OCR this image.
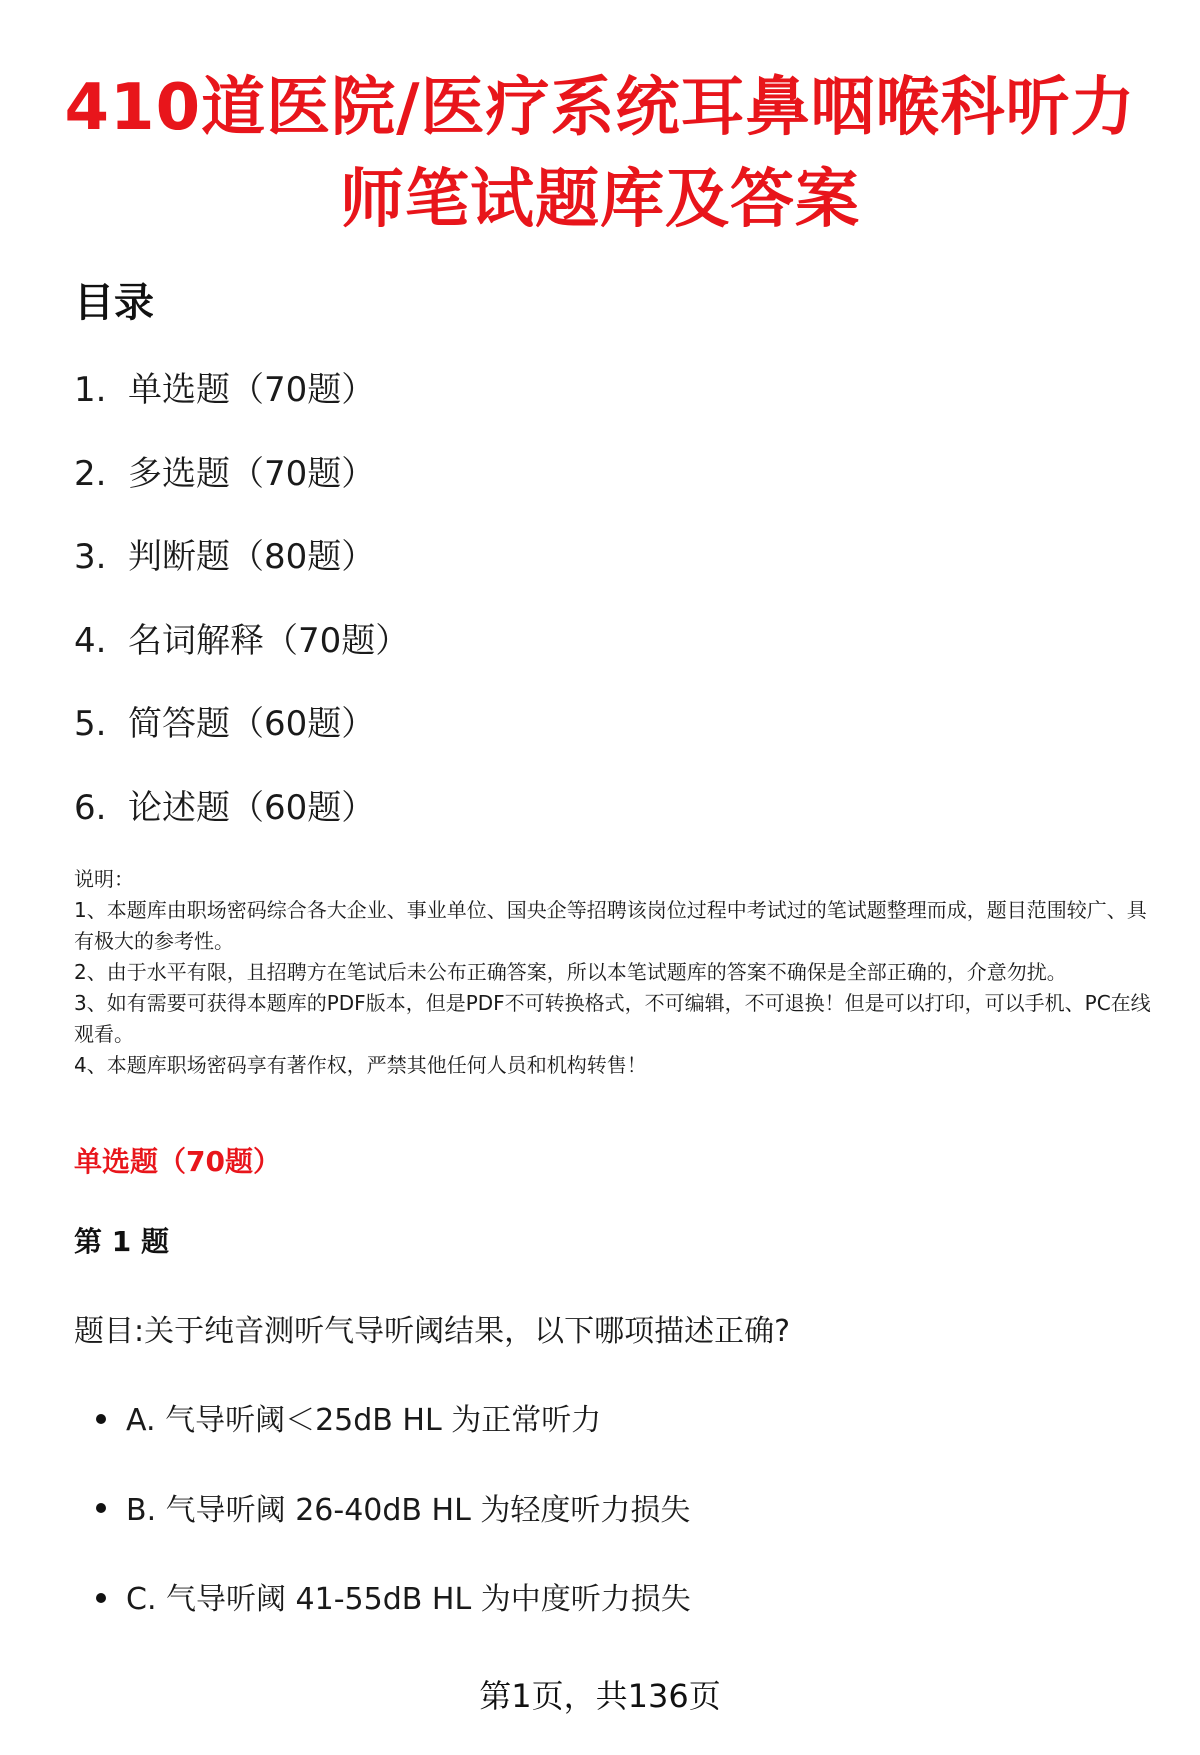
410道医院/医疗系统耳鼻咽喉科听力师笔试题库及答案
目录
1. 单选题（70题）
2. 多选题（70题）
3. 判断题（80题）
4. 名词解释（70题）
5. 简答题（60题）
6. 论述题（60题）

说明：

1、本题库由职场密码综合各大企业、事业单位、国央企等招聘该岗位过程中考试过的笔试题整理而成，题目范围较广、具有极大的参考性。

2、由于水平有限，且招聘方在笔试后未公布正确答案，所以本笔试题库的答案不确保是全部正确的，介意勿扰。

3、如有需要可获得本题库的PDF版本，但是PDF不可转换格式，不可编辑，不可退换！但是可以打印，可以手机、PC在线观看。

4、本题库职场密码享有著作权，严禁其他任何人员和机构转售！

单选题（70题）
第 1 题

题目:关于纯音测听气导听阈结果，以下哪项描述正确?

A. 气导听阈＜25dB HL 为正常听力
B. 气导听阈 26-40dB HL 为轻度听力损失
C. 气导听阈 41-55dB HL 为中度听力损失
第1页，共136页
